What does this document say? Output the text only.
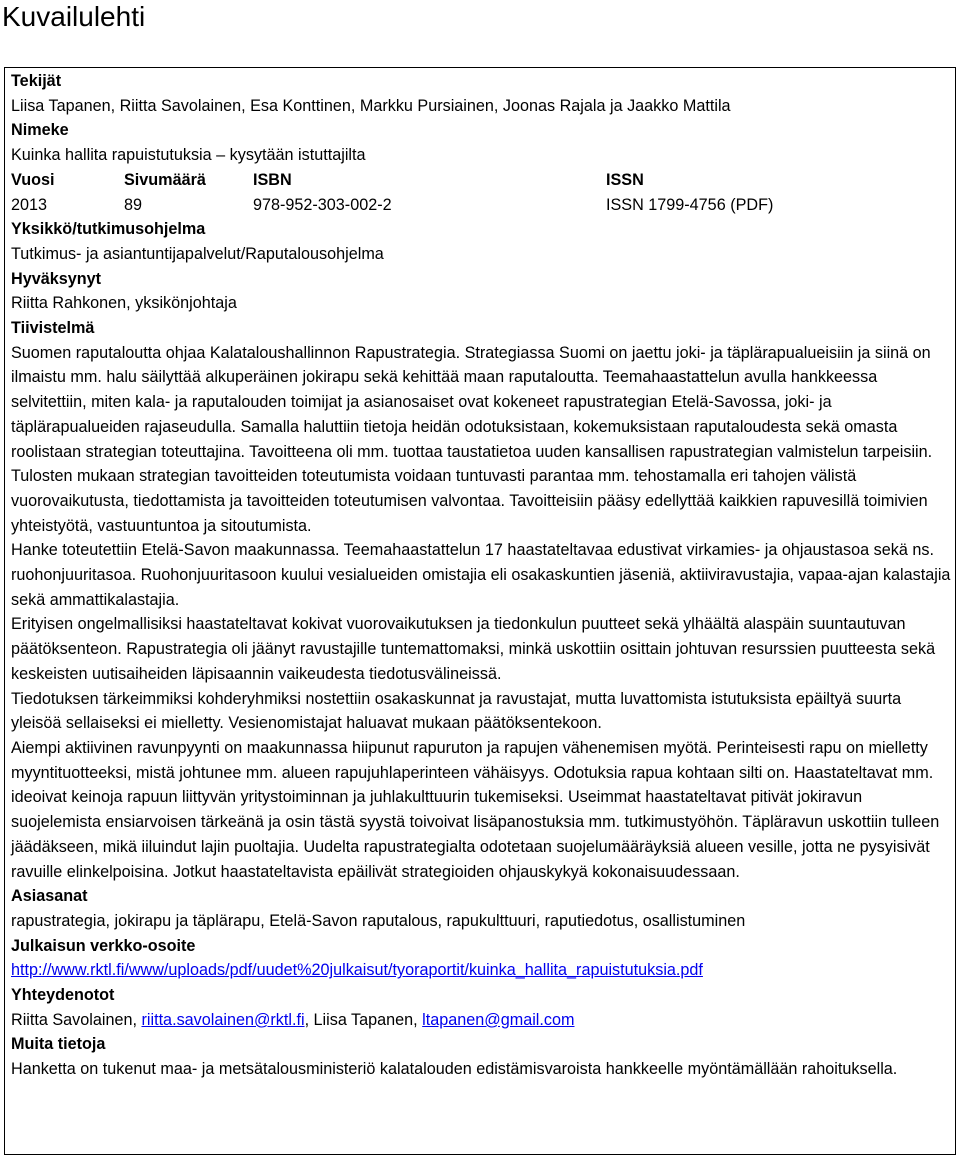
Kuvailulehti
Tekijät
Liisa Tapanen, Riitta Savolainen, Esa Konttinen, Markku Pursiainen, Joonas Rajala ja Jaakko Mattila
Nimeke
Kuinka hallita rapuistutuksia – kysytään istuttajilta
Vuosi	Sivumäärä	ISBN	ISSN
2013	89	978-952-303-002-2	ISSN 1799-4756 (PDF)
Yksikkö/tutkimusohjelma
Tutkimus- ja asiantuntijapalvelut/Raputalousohjelma
Hyväksynyt
Riitta Rahkonen, yksikönjohtaja
Tiivistelmä

Suomen raputaloutta ohjaa Kalataloushallinnon Rapustrategia. Strategiassa Suomi on jaettu joki- ja täplärapualueisiin ja siinä on ilmaistu mm. halu säilyttää alkuperäinen jokirapu sekä kehittää maan raputaloutta. Teemahaastattelun avulla hankkeessa selvitettiin, miten kala- ja raputalouden toimijat ja asianosaiset ovat kokeneet rapustrategian Etelä-Savossa, joki- ja täplärapualueiden rajaseudulla. Samalla haluttiin tietoja heidän odotuksistaan, kokemuksistaan raputaloudesta sekä omasta roolistaan strategian toteuttajina. Tavoitteena oli mm. tuottaa taustatietoa uuden kansallisen rapustrategian valmistelun tarpeisiin. Tulosten mukaan strategian tavoitteiden toteutumista voidaan tuntuvasti parantaa mm. tehostamalla eri tahojen välistä vuorovaikutusta, tiedottamista ja tavoitteiden toteutumisen valvontaa. Tavoitteisiin pääsy edellyttää kaikkien rapuvesillä toimivien yhteistyötä, vastuuntuntoa ja sitoutumista.

Hanke toteutettiin Etelä-Savon maakunnassa. Teemahaastattelun 17 haastateltavaa edustivat virkamies- ja ohjaustasoa sekä ns. ruohonjuuritasoa. Ruohonjuuritasoon kuului vesialueiden omistajia eli osakaskuntien jäseniä, aktiiviravustajia, vapaa-ajan kalastajia sekä ammattikalastajia.

Erityisen ongelmallisiksi haastateltavat kokivat vuorovaikutuksen ja tiedonkulun puutteet sekä ylhäältä alaspäin suuntautuvan päätöksenteon. Rapustrategia oli jäänyt ravustajille tuntemattomaksi, minkä uskottiin osittain johtuvan resurssien puutteesta sekä keskeisten uutisaiheiden läpisaannin vaikeudesta tiedotusvälineissä.

Tiedotuksen tärkeimmiksi kohderyhmiksi nostettiin osakaskunnat ja ravustajat, mutta luvattomista istutuksista epäiltyä suurta yleisöä sellaiseksi ei mielletty. Vesienomistajat haluavat mukaan päätöksentekoon.

Aiempi aktiivinen ravunpyynti on maakunnassa hiipunut rapuruton ja rapujen vähenemisen myötä. Perinteisesti rapu on mielletty myyntituotteeksi, mistä johtunee mm. alueen rapujuhlaperinteen vähäisyys. Odotuksia rapua kohtaan silti on. Haastateltavat mm. ideoivat keinoja rapuun liittyvän yritystoiminnan ja juhlakulttuurin tukemiseksi. Useimmat haastateltavat pitivät jokiravun suojelemista ensiarvoisen tärkeänä ja osin tästä syystä toivoivat lisäpanostuksia mm. tutkimustyöhön. Täpläravun uskottiin tulleen jäädäkseen, mikä iiluindut lajin puoltajia. Uudelta rapustrategialta odotetaan suojelumääräyksiä alueen vesille, jotta ne pysyisivät ravuille elinkelpoisina. Jotkut haastateltavista epäilivät strategioiden ohjauskykyä kokonaisuudessaan.

Asiasanat
rapustrategia, jokirapu ja täplärapu, Etelä-Savon raputalous, rapukulttuuri, raputiedotus, osallistuminen
Julkaisun verkko-osoite
http://www.rktl.fi/www/uploads/pdf/uudet%20julkaisut/tyoraportit/kuinka_hallita_rapuistutuksia.pdf
Yhteydenotot
Riitta Savolainen, riitta.savolainen@rktl.fi, Liisa Tapanen, ltapanen@gmail.com
Muita tietoja
Hanketta on tukenut maa- ja metsätalousministeriö kalatalouden edistämisvaroista hankkeelle myöntämällään rahoituksella.
